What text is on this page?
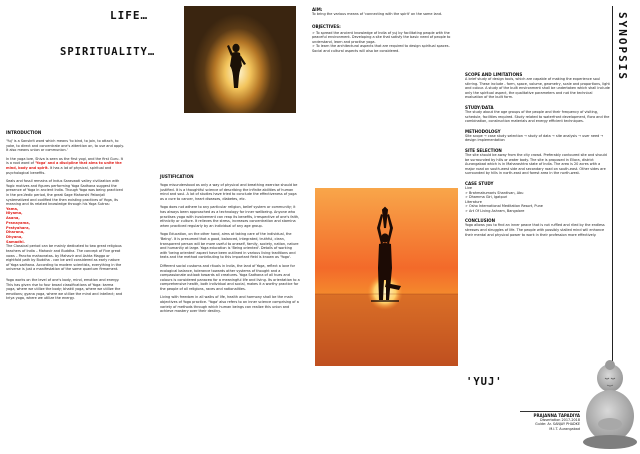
LIFE…
SPIRITUALITY…
INTRODUCTION
'Yuj' is a Sanskrit word which means 'to bind, to join, to attach, to yoke, to direct and concentrate one's attention on, to use and apply. It also means union or communion.'
In the yoga lore, Shiva is seen as the first yogi, and the first Guru. It is a root word of 'Yoga' and a discipline that aims to unite the mind, body and spirit. It has a lot of physical, spiritual and psychological benefits.
Seals and fossil remains of Indus Saraswati valley civilization with Yogic motives and figures performing Yoga Sadhana suggest the presence of Yoga in ancient India. Though Yoga was being practiced in the pre-Vedic period, the great Sage Maharshi Patanjali systematized and codified the then existing practices of Yoga, its meaning and its related knowledge through his Yoga Sutras:
Yama,
Niyama,
Asana,
Pranayama,
Pratyahara,
Dharana,
Dhyana,
Samadhi.
The Classical period can be mainly dedicated to two great religious teachers of India – Mahavir and Buddha. The concept of Five great vows – Pancha mahavratas- by Mahavir and Ashta Magga or eightfold path by Buddha - can be well considered as early nature of Yoga sadhana. According to modern scientists, everything in the universe is just a manifestation of the same quantum firmament.
Yoga works on the level of one's body, mind, emotion and energy. This has given rise to four broad classifications of Yoga: karma yoga, where we utilize the body; bhakti yoga, where we utilize the emotions; gyana yoga, where we utilize the mind and intellect; and kriya yoga, where we utilize the energy.
JUSTIFICATION
Yoga misunderstood as only a way of physical and breathing exercise should be justified. It is a thoughtful science of describing the infinite abilities of human mind and soul. A lot of studies have tried to conclude the effectiveness of yoga as a cure to cancer, heart diseases, diabetes, etc.
Yoga does not adhere to any particular religion, belief system or community; it has always been approached as a technology for inner wellbeing. Anyone who practises yoga with involvement can reap its benefits, irrespective of one's faith, ethnicity or culture. It relieves the stress, increases concentration and stamina when practiced regularly by an individual of any age group.
Yoga Education, on the other hand, aims at taking care of the individual, the 'Being'. It is presumed that a good, balanced, integrated, truthful, clean, transparent person will be more useful to oneself, family, society, nation, nature and humanity at large. Yoga education is 'Being oriented'. Details of working with 'being oriented' aspect have been outlined in various living traditions and texts and the method contributing to this important field is known as 'Yoga'.
Different social customs and rituals in India, the land of Yoga, reflect a love for ecological balance, tolerance towards other systems of thought and a compassionate outlook towards all creatures. Yoga Sadhana of all hues and colours is considered panacea for a meaningful life and living. Its orientation to a comprehensive health, both individual and social, makes it a worthy practice for the people of all religions, races and nationalities.
Living with freedom in all walks of life, health and harmony shall be the main objectives of Yoga practice. 'Yoga' also refers to an inner science comprising of a variety of methods through which human beings can realize this union and achieve mastery over their destiny.
AIM:
To bring the various means of 'connecting with the spirit' on the same land.
OBJECTIVES:
➢ To spread the ancient knowledge of India of yuj by facilitating people with the peaceful environment. Developing a site that satisfy the basic need of people to understand, learn and practise yoga.
➢ To learn the architectural aspects that are required to design spiritual spaces. Social and cultural aspects will also be considered.
SCOPE AND LIMITATIONS
A brief study of design tools, which are capable of making the experience soul stirring. These include - form, space, volume, geometry, scale and proportions, light and colour. A study of the built environment shall be undertaken which shall include only the spiritual aspect, the qualitative parameters and not the technical evaluation of the built form.
STUDY/DATA
The study about the age groups of the people and their frequency of visiting, schedule, facilities required. Study related to waterfront development, flora and the combination, construction materials and energy efficient techniques.
METHODOLOGY
Site scope → case study selection → study of data → site analysis → user need → design implementation
SITE SELECTION
The site should be away from the city crowd. Preferably contoured site and should be surrounded by hills or water body. The site is proposed in Ellora, district Aurangabad which is in Maharashtra state of India. The area is 20 acres with a major road on south-west side and secondary road on south-east. Other sides are surrounded by hills in north-east and forest area in the north-west.
CASE STUDY
Live
➢ Brahmakumaris Shantivan, Abu
➢ Dhamma Giri, Igatpuri
Literature
➢ Osho International Meditation Resort, Pune
➢ Art Of Living Ashram, Bangalore
CONCLUSION
Yoga allows you to find an inner peace that is not ruffled and riled by the endless stresses and struggles of life. The people with possibly stalled mind will enhance their mental and physical power to work in their profession more effectively.
SYNOPSIS
'YUJ'
PRAJANNA TAPADIYA
Dissertation 2017-2018
Guide: Ar. SANJAY PHADKE
M.I.T. Aurangabad
